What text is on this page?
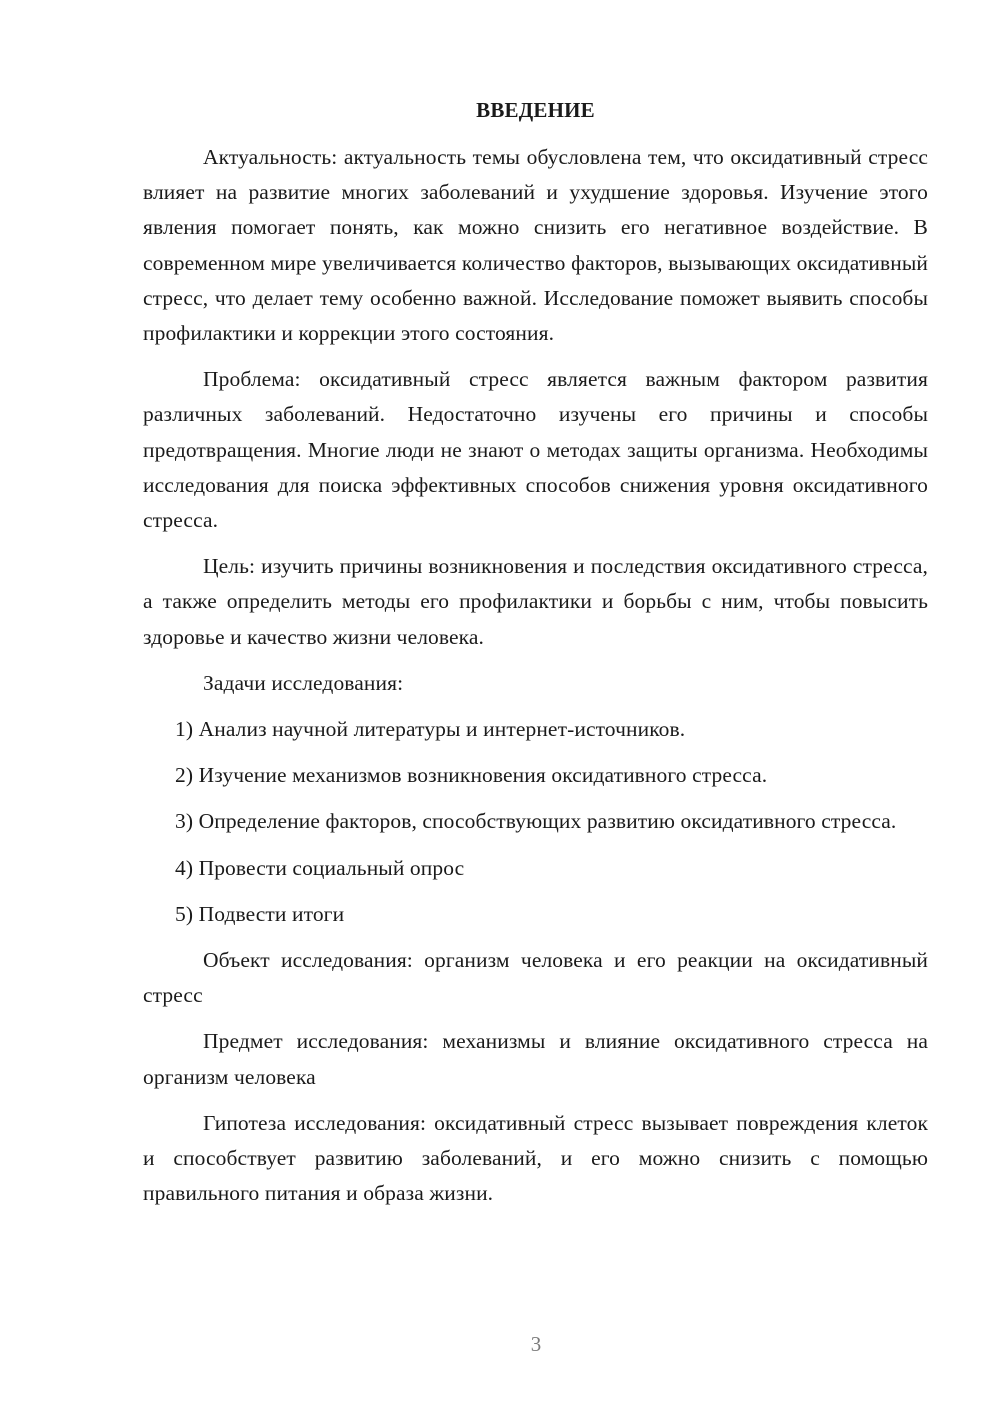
ВВЕДЕНИЕ

Актуальность: актуальность темы обусловлена тем, что оксидативный стресс влияет на развитие многих заболеваний и ухудшение здоровья. Изучение этого явления помогает понять, как можно снизить его негативное воздействие. В современном мире увеличивается количество факторов, вызывающих оксидативный стресс, что делает тему особенно важной. Исследование поможет выявить способы профилактики и коррекции этого состояния.

Проблема: оксидативный стресс является важным фактором развития различных заболеваний. Недостаточно изучены его причины и способы предотвращения. Многие люди не знают о методах защиты организма. Необходимы исследования для поиска эффективных способов снижения уровня оксидативного стресса.

Цель: изучить причины возникновения и последствия оксидативного стресса, а также определить методы его профилактики и борьбы с ним, чтобы повысить здоровье и качество жизни человека.

Задачи исследования:

1) Анализ научной литературы и интернет-источников.

2) Изучение механизмов возникновения оксидативного стресса.

3) Определение факторов, способствующих развитию оксидативного стресса.

4) Провести социальный опрос

5) Подвести итоги

Объект исследования: организм человека и его реакции на оксидативный стресс

Предмет исследования: механизмы и влияние оксидативного стресса на организм человека

Гипотеза исследования: оксидативный стресс вызывает повреждения клеток и способствует развитию заболеваний, и его можно снизить с помощью правильного питания и образа жизни.

3
